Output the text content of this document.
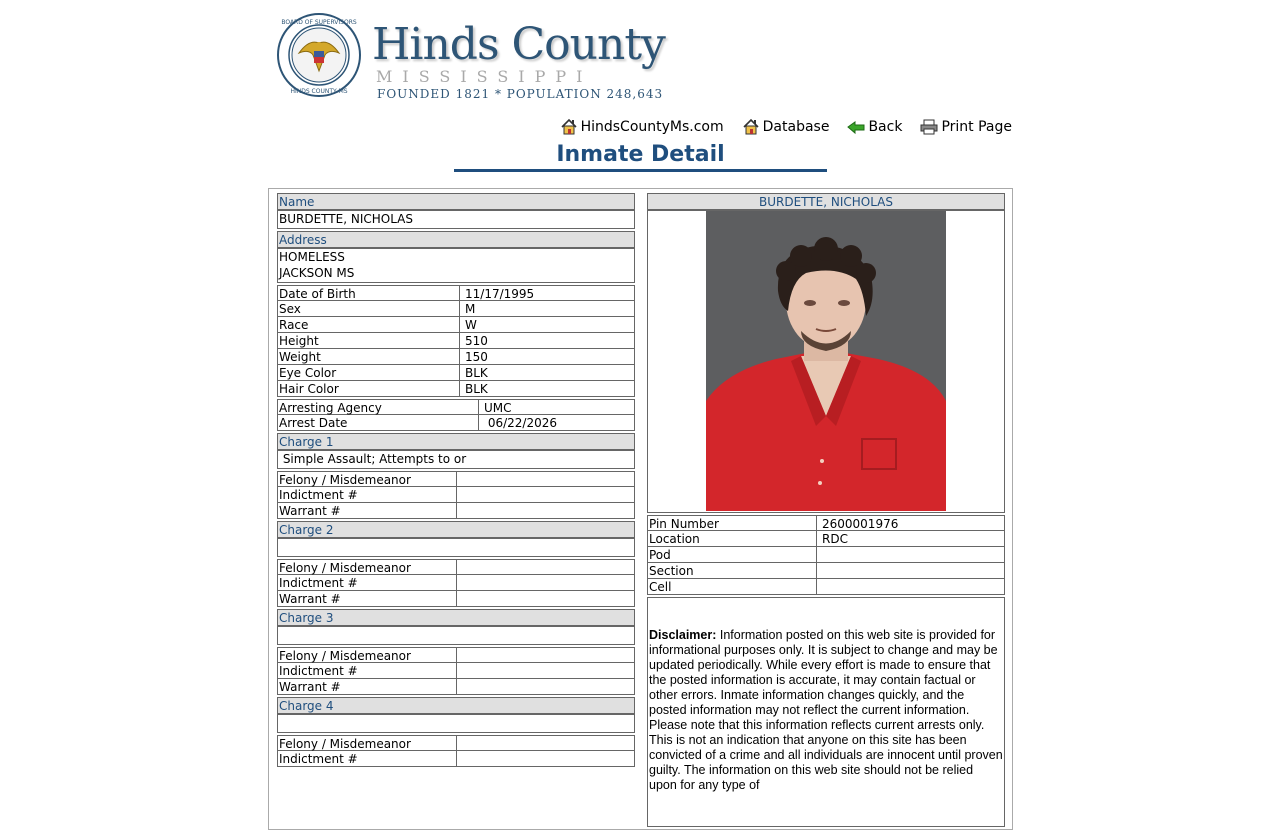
BOARD OF SUPERVISORS
HINDS COUNTY MS
Hinds County
MISSISSIPPI
FOUNDED 1821 * POPULATION 248,643
HindsCountyMs.com	Database	Back	Print Page
Inmate Detail
Name
BURDETTE, NICHOLAS
Address
HOMELESS
JACKSON MS
Date of Birth	11/17/1995
Sex	M
Race	W
Height	510
Weight	150
Eye Color	BLK
Hair Color	BLK
Arresting Agency	UMC
Arrest Date	06/22/2026
Charge 1
Simple Assault; Attempts to or
Felony / Misdemeanor
Indictment #
Warrant #
Charge 2
Felony / Misdemeanor
Indictment #
Warrant #
Charge 3
Felony / Misdemeanor
Indictment #
Warrant #
Charge 4
Felony / Misdemeanor
Indictment #
BURDETTE, NICHOLAS
Pin Number	2600001976
Location	RDC
Pod
Section
Cell
Disclaimer: Information posted on this web site is provided for informational purposes only. It is subject to change and may be updated periodically. While every effort is made to ensure that the posted information is accurate, it may contain factual or other errors. Inmate information changes quickly, and the posted information may not reflect the current information. Please note that this information reflects current arrests only. This is not an indication that anyone on this site has been convicted of a crime and all individuals are innocent until proven guilty. The information on this web site should not be relied upon for any type of
